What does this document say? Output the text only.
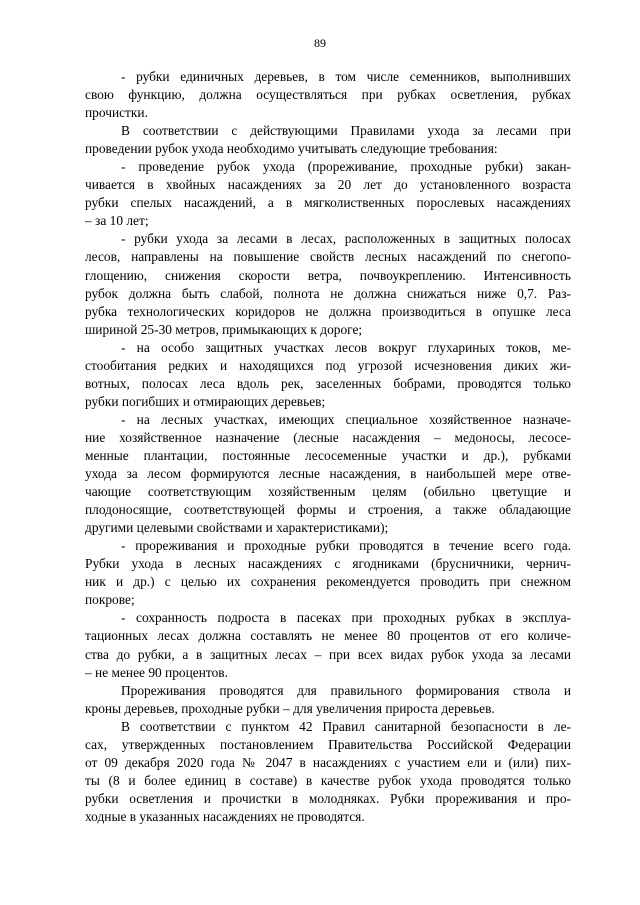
89
- рубки единичных деревьев, в том числе семенников, выполнивших
свою функцию, должна осуществляться при рубках осветления, рубках
прочистки.
В соответствии с действующими Правилами ухода за лесами при
проведении рубок ухода необходимо учитывать следующие требования:
- проведение рубок ухода (прореживание, проходные рубки) закан-
чивается в хвойных насаждениях за 20 лет до установленного возраста
рубки спелых насаждений, а в мягколиственных порослевых насаждениях
– за 10 лет;
- рубки ухода за лесами в лесах, расположенных в защитных полосах
лесов, направлены на повышение свойств лесных насаждений по снегопо-
глощению, снижения скорости ветра, почвоукреплению. Интенсивность
рубок должна быть слабой, полнота не должна снижаться ниже 0,7. Раз-
рубка технологических коридоров не должна производиться в опушке леса
шириной 25-30 метров, примыкающих к дороге;
- на особо защитных участках лесов вокруг глухариных токов, ме-
стообитания редких и находящихся под угрозой исчезновения диких жи-
вотных, полосах леса вдоль рек, заселенных бобрами, проводятся только
рубки погибших и отмирающих деревьев;
- на лесных участках, имеющих специальное хозяйственное назначе-
ние хозяйственное назначение (лесные насаждения – медоносы, лесосе-
менные плантации, постоянные лесосеменные участки и др.), рубками
ухода за лесом формируются лесные насаждения, в наибольшей мере отве-
чающие соответствующим хозяйственным целям (обильно цветущие и
плодоносящие, соответствующей формы и строения, а также обладающие
другими целевыми свойствами и характеристиками);
- прореживания и проходные рубки проводятся в течение всего года.
Рубки ухода в лесных насаждениях с ягодниками (брусничники, чернич-
ник и др.) с целью их сохранения рекомендуется проводить при снежном
покрове;
- сохранность подроста в пасеках при проходных рубках в эксплуа-
тационных лесах должна составлять не менее 80 процентов от его количе-
ства до рубки, а в защитных лесах – при всех видах рубок ухода за лесами
– не менее 90 процентов.
Прореживания проводятся для правильного формирования ствола и
кроны деревьев, проходные рубки – для увеличения прироста деревьев.
В соответствии с пунктом 42 Правил санитарной безопасности в ле-
сах, утвержденных постановлением Правительства Российской Федерации
от 09 декабря 2020 года № 2047 в насаждениях с участием ели и (или) пих-
ты (8 и более единиц в составе) в качестве рубок ухода проводятся только
рубки осветления и прочистки в молодняках. Рубки прореживания и про-
ходные в указанных насаждениях не проводятся.
